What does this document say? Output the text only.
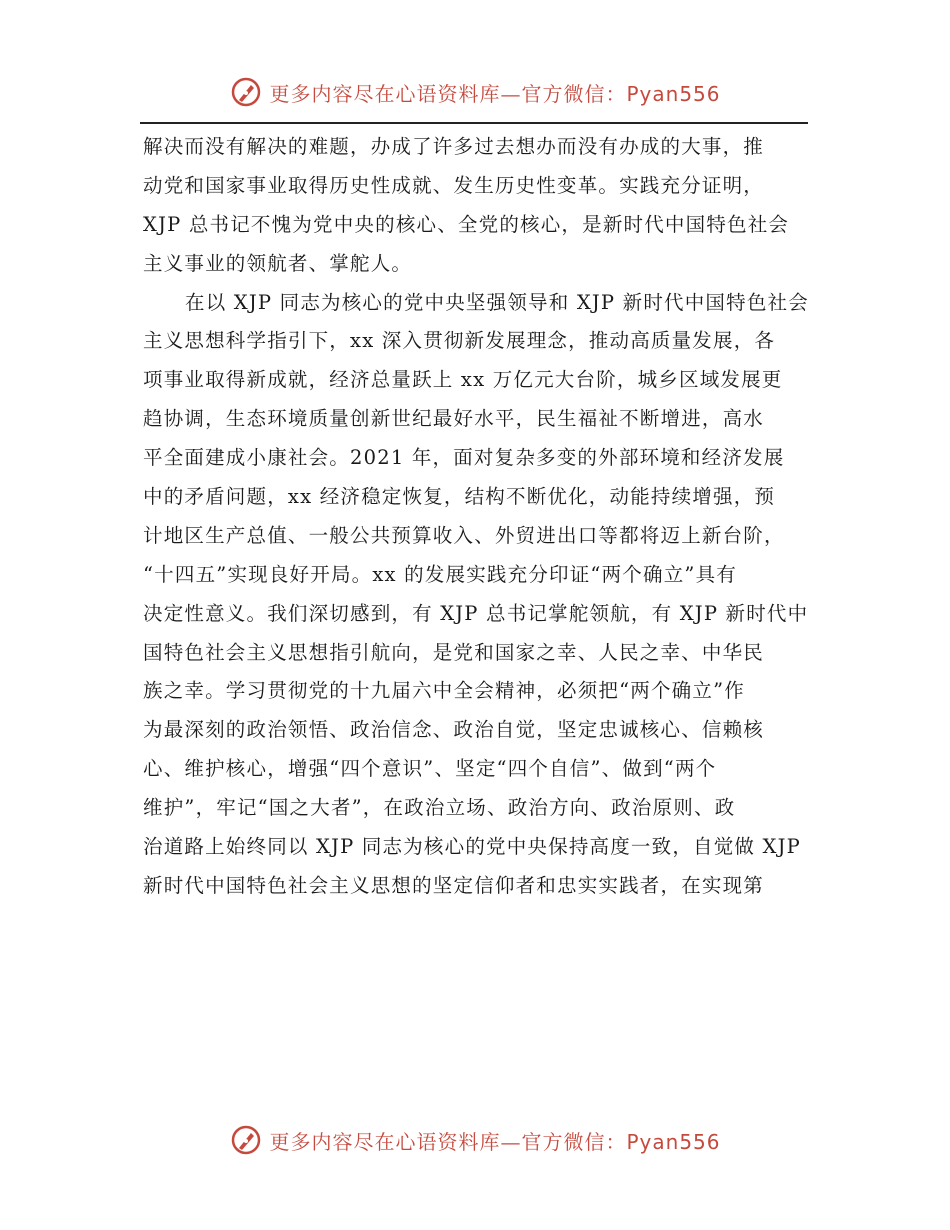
更多内容尽在心语资料库—官方微信：Pyan556
解决而没有解决的难题，办成了许多过去想办而没有办成的大事，推
动党和国家事业取得历史性成就、发生历史性变革。实践充分证明，
XJP 总书记不愧为党中央的核心、全党的核心，是新时代中国特色社会
主义事业的领航者、掌舵人。
在以 XJP 同志为核心的党中央坚强领导和 XJP 新时代中国特色社会
主义思想科学指引下，xx 深入贯彻新发展理念，推动高质量发展，各
项事业取得新成就，经济总量跃上 xx 万亿元大台阶，城乡区域发展更
趋协调，生态环境质量创新世纪最好水平，民生福祉不断增进，高水
平全面建成小康社会。2021 年，面对复杂多变的外部环境和经济发展
中的矛盾问题，xx 经济稳定恢复，结构不断优化，动能持续增强，预
计地区生产总值、一般公共预算收入、外贸进出口等都将迈上新台阶，
“十四五”实现良好开局。xx 的发展实践充分印证“两个确立”具有
决定性意义。我们深切感到，有 XJP 总书记掌舵领航，有 XJP 新时代中
国特色社会主义思想指引航向，是党和国家之幸、人民之幸、中华民
族之幸。学习贯彻党的十九届六中全会精神，必须把“两个确立”作
为最深刻的政治领悟、政治信念、政治自觉，坚定忠诚核心、信赖核
心、维护核心，增强“四个意识”、坚定“四个自信”、做到“两个
维护”，牢记“国之大者”，在政治立场、政治方向、政治原则、政
治道路上始终同以 XJP 同志为核心的党中央保持高度一致，自觉做 XJP
新时代中国特色社会主义思想的坚定信仰者和忠实实践者，在实现第
更多内容尽在心语资料库—官方微信：Pyan556
